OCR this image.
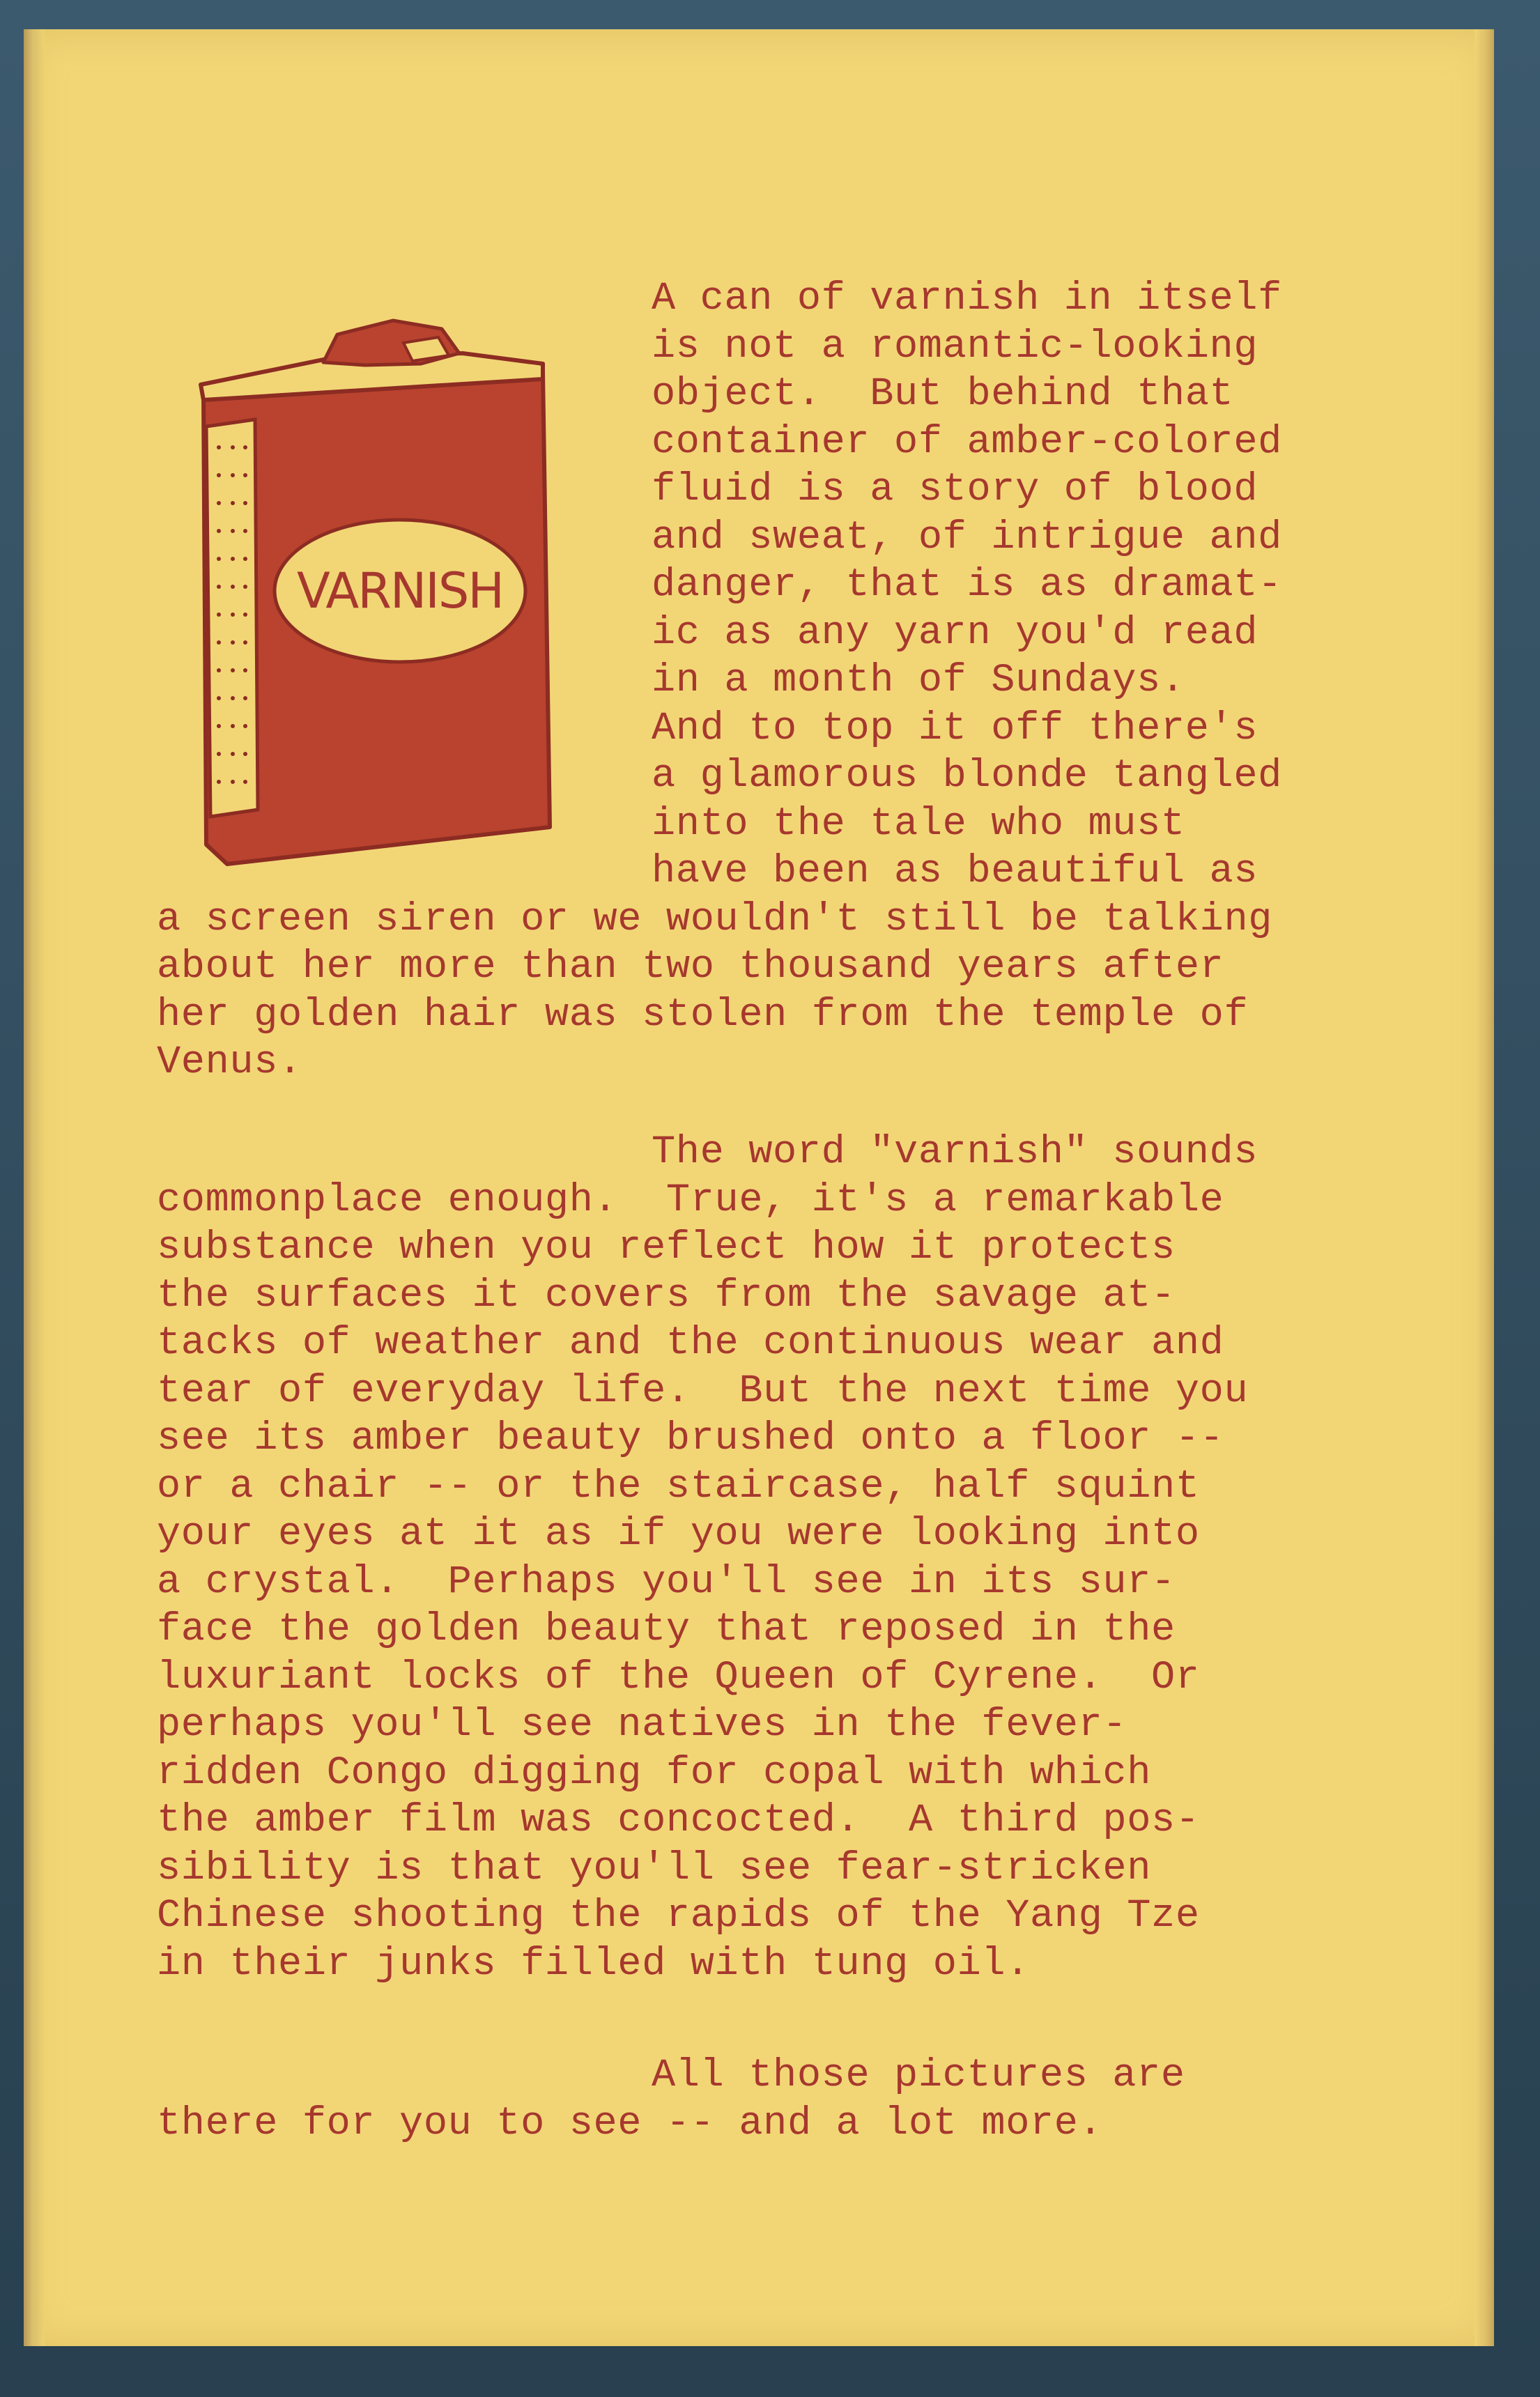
VARNISH

A can of varnish in itself

is not a romantic-looking

object.  But behind that

container of amber-colored

fluid is a story of blood

and sweat, of intrigue and

danger, that is as dramat-

ic as any yarn you'd read

in a month of Sundays.

And to top it off there's

a glamorous blonde tangled

into the tale who must

have been as beautiful as

a screen siren or we wouldn't still be talking

about her more than two thousand years after

her golden hair was stolen from the temple of

Venus.

The word "varnish" sounds

commonplace enough.  True, it's a remarkable

substance when you reflect how it protects

the surfaces it covers from the savage at-

tacks of weather and the continuous wear and

tear of everyday life.  But the next time you

see its amber beauty brushed onto a floor --

or a chair -- or the staircase, half squint

your eyes at it as if you were looking into

a crystal.  Perhaps you'll see in its sur-

face the golden beauty that reposed in the

luxuriant locks of the Queen of Cyrene.  Or

perhaps you'll see natives in the fever-

ridden Congo digging for copal with which

the amber film was concocted.  A third pos-

sibility is that you'll see fear-stricken

Chinese shooting the rapids of the Yang Tze

in their junks filled with tung oil.

All those pictures are

there for you to see -- and a lot more.
